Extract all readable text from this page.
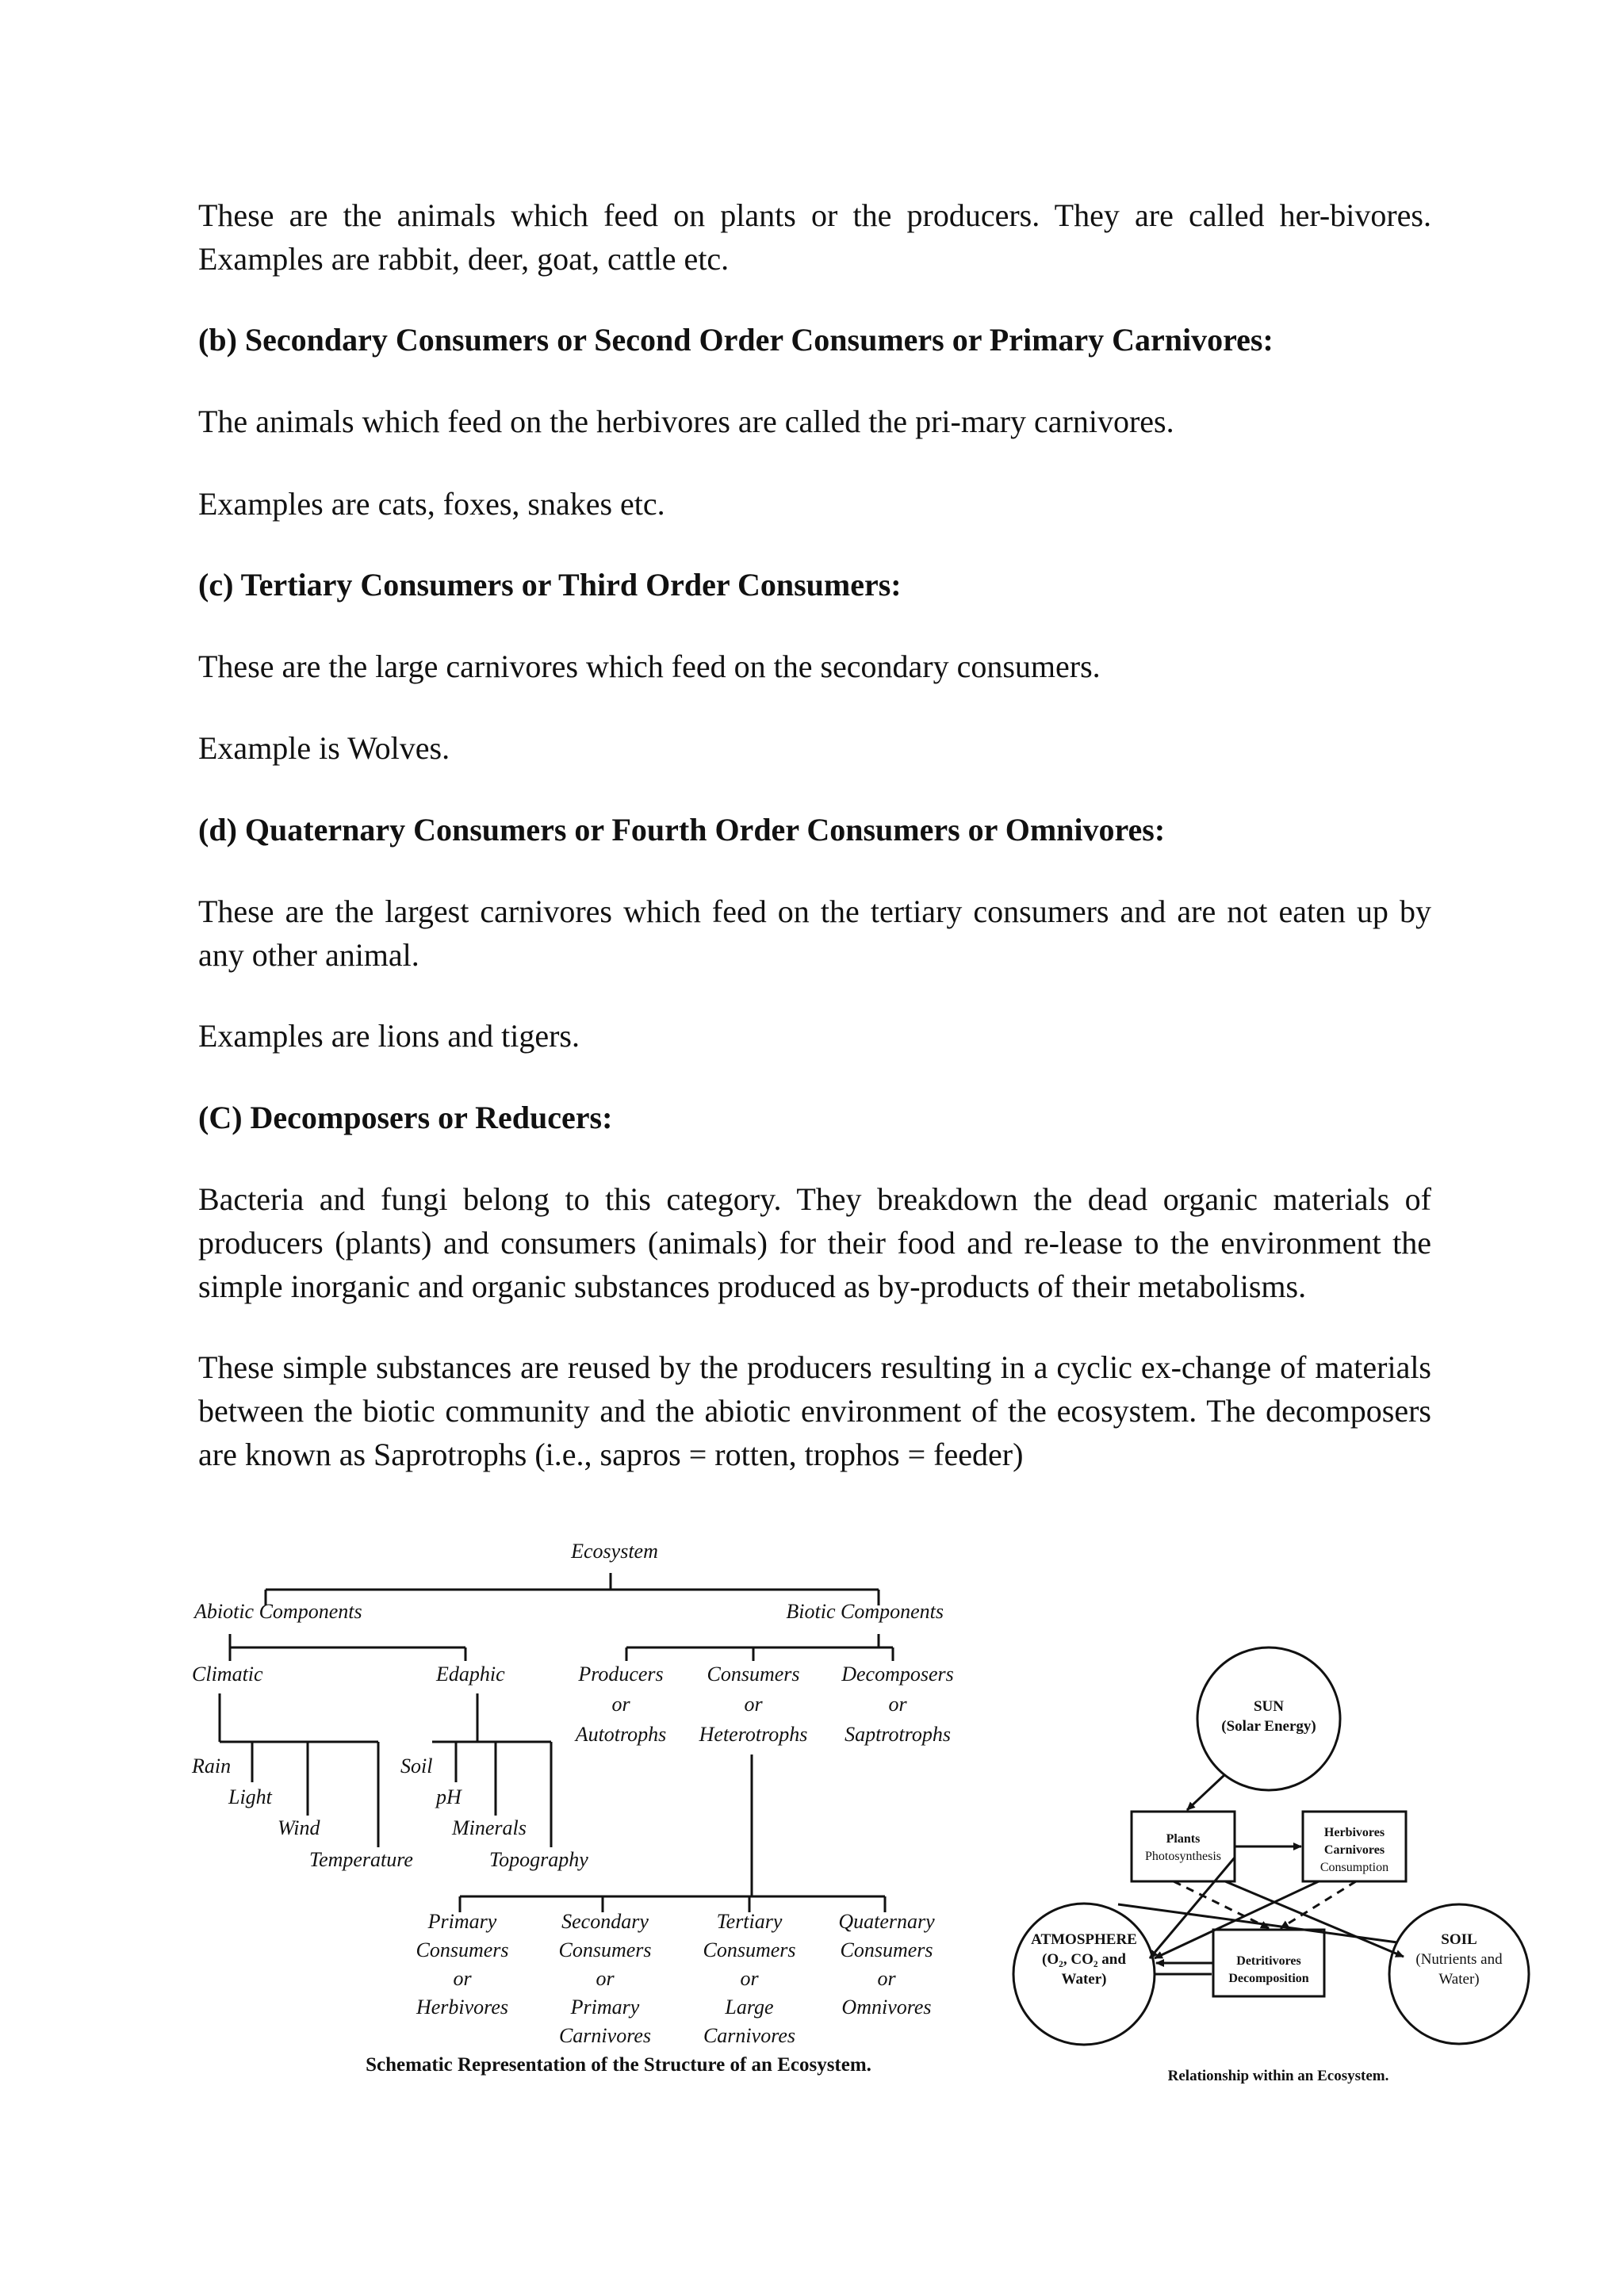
These are the animals which feed on plants or the producers. They are called her-bivores. Examples are rabbit, deer, goat, cattle etc.

(b) Secondary Consumers or Second Order Consumers or Primary Carnivores:

The animals which feed on the herbivores are called the pri-mary carnivores.

Examples are cats, foxes, snakes etc.

(c) Tertiary Consumers or Third Order Consumers:

These are the large carnivores which feed on the secondary consumers.

Example is Wolves.

(d) Quaternary Consumers or Fourth Order Consumers or Omnivores:

These are the largest carnivores which feed on the tertiary consumers and are not eaten up by any other animal.

Examples are lions and tigers.

(C) Decomposers or Reducers:

Bacteria and fungi belong to this category. They breakdown the dead organic materials of producers (plants) and consumers (animals) for their food and re-lease to the environment the simple inorganic and organic substances produced as by-products of their metabolisms.

These simple substances are reused by the producers resulting in a cyclic ex-change of materials between the biotic community and the abiotic environment of the ecosystem. The decomposers are known as Saprotrophs (i.e., sapros = rotten, trophos = feeder)

Ecosystem
Abiotic Components	Biotic Components
Climatic	Edaphic	Producers
or
Autotrophs
Consumers
or
Heterotrophs
Decomposers
or
Saptrotrophs
Rain
Light
Wind
Temperature
Soil
pH
Minerals
Topography
Primary
Consumers
or
Herbivores
Secondary
Consumers
or
Primary
Carnivores
Tertiary
Consumers
or
Large
Carnivores
Quaternary
Consumers
or
Omnivores
Schematic Representation of the Structure of an Ecosystem.
SUN
(Solar Energy)
Plants
Photosynthesis
Herbivores
Carnivores
Consumption
ATMOSPHERE
(O₂, CO₂ and
Water)
Detritivores
Decomposition
SOIL
(Nutrients and
Water)
Relationship within an Ecosystem.
